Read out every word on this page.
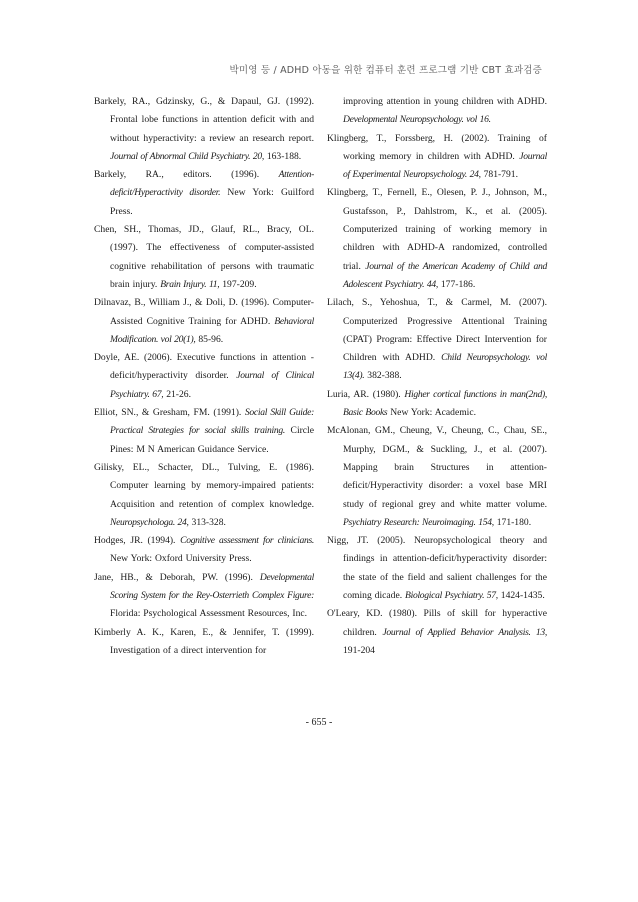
박미영 등 / ADHD 아동을 위한 컴퓨터 훈련 프로그램 기반 CBT 효과검증

Barkely, RA., Gdzinsky, G., & Dapaul, GJ. (1992). Frontal lobe functions in attention deficit with and without hyperactivity: a review an research report. Journal of Abnormal Child Psychiatry. 20, 163-188.

Barkely, RA., editors. (1996). Attention-deficit/Hyperactivity disorder. New York: Guilford Press.

Chen, SH., Thomas, JD., Glauf, RL., Bracy, OL. (1997). The effectiveness of computer-assisted cognitive rehabilitation of persons with traumatic brain injury. Brain Injury. 11, 197-209.

Dilnavaz, B., William J., & Doli, D. (1996). Computer-Assisted Cognitive Training for ADHD. Behavioral Modification. vol 20(1), 85-96.

Doyle, AE. (2006). Executive functions in attention -deficit/hyperactivity disorder. Journal of Clinical Psychiatry. 67, 21-26.

Elliot, SN., & Gresham, FM. (1991). Social Skill Guide: Practical Strategies for social skills training. Circle Pines: M N American Guidance Service.

Gilisky, EL., Schacter, DL., Tulving, E. (1986). Computer learning by memory-impaired patients: Acquisition and retention of complex knowledge. Neuropsychologa. 24, 313-328.

Hodges, JR. (1994). Cognitive assessment for clinicians. New York: Oxford University Press.

Jane, HB., & Deborah, PW. (1996). Developmental Scoring System for the Rey-Osterrieth Complex Figure: Florida: Psychological Assessment Resources, Inc.

Kimberly A. K., Karen, E., & Jennifer, T. (1999). Investigation of a direct intervention for

improving attention in young children with ADHD. Developmental Neuropsychology. vol 16.

Klingberg, T., Forssberg, H. (2002). Training of working memory in children with ADHD. Journal of Experimental Neuropsychology. 24, 781-791.

Klingberg, T., Fernell, E., Olesen, P. J., Johnson, M., Gustafsson, P., Dahlstrom, K., et al. (2005). Computerized training of working memory in children with ADHD-A randomized, controlled trial. Journal of the American Academy of Child and Adolescent Psychiatry. 44, 177-186.

Lilach, S., Yehoshua, T., & Carmel, M. (2007). Computerized Progressive Attentional Training (CPAT) Program: Effective Direct Intervention for Children with ADHD. Child Neuropsychology. vol 13(4). 382-388.

Luria, AR. (1980). Higher cortical functions in man(2nd), Basic Books New York: Academic.

McAlonan, GM., Cheung, V., Cheung, C., Chau, SE., Murphy, DGM., & Suckling, J., et al. (2007). Mapping brain Structures in attention-deficit/Hyperactivity disorder: a voxel base MRI study of regional grey and white matter volume. Psychiatry Research: Neuroimaging. 154, 171-180.

Nigg, JT. (2005). Neuropsychological theory and findings in attention-deficit/hyperactivity disorder: the state of the field and salient challenges for the coming dicade. Biological Psychiatry. 57, 1424-1435.

O'Leary, KD. (1980). Pills of skill for hyperactive children. Journal of Applied Behavior Analysis. 13, 191-204

- 655 -
